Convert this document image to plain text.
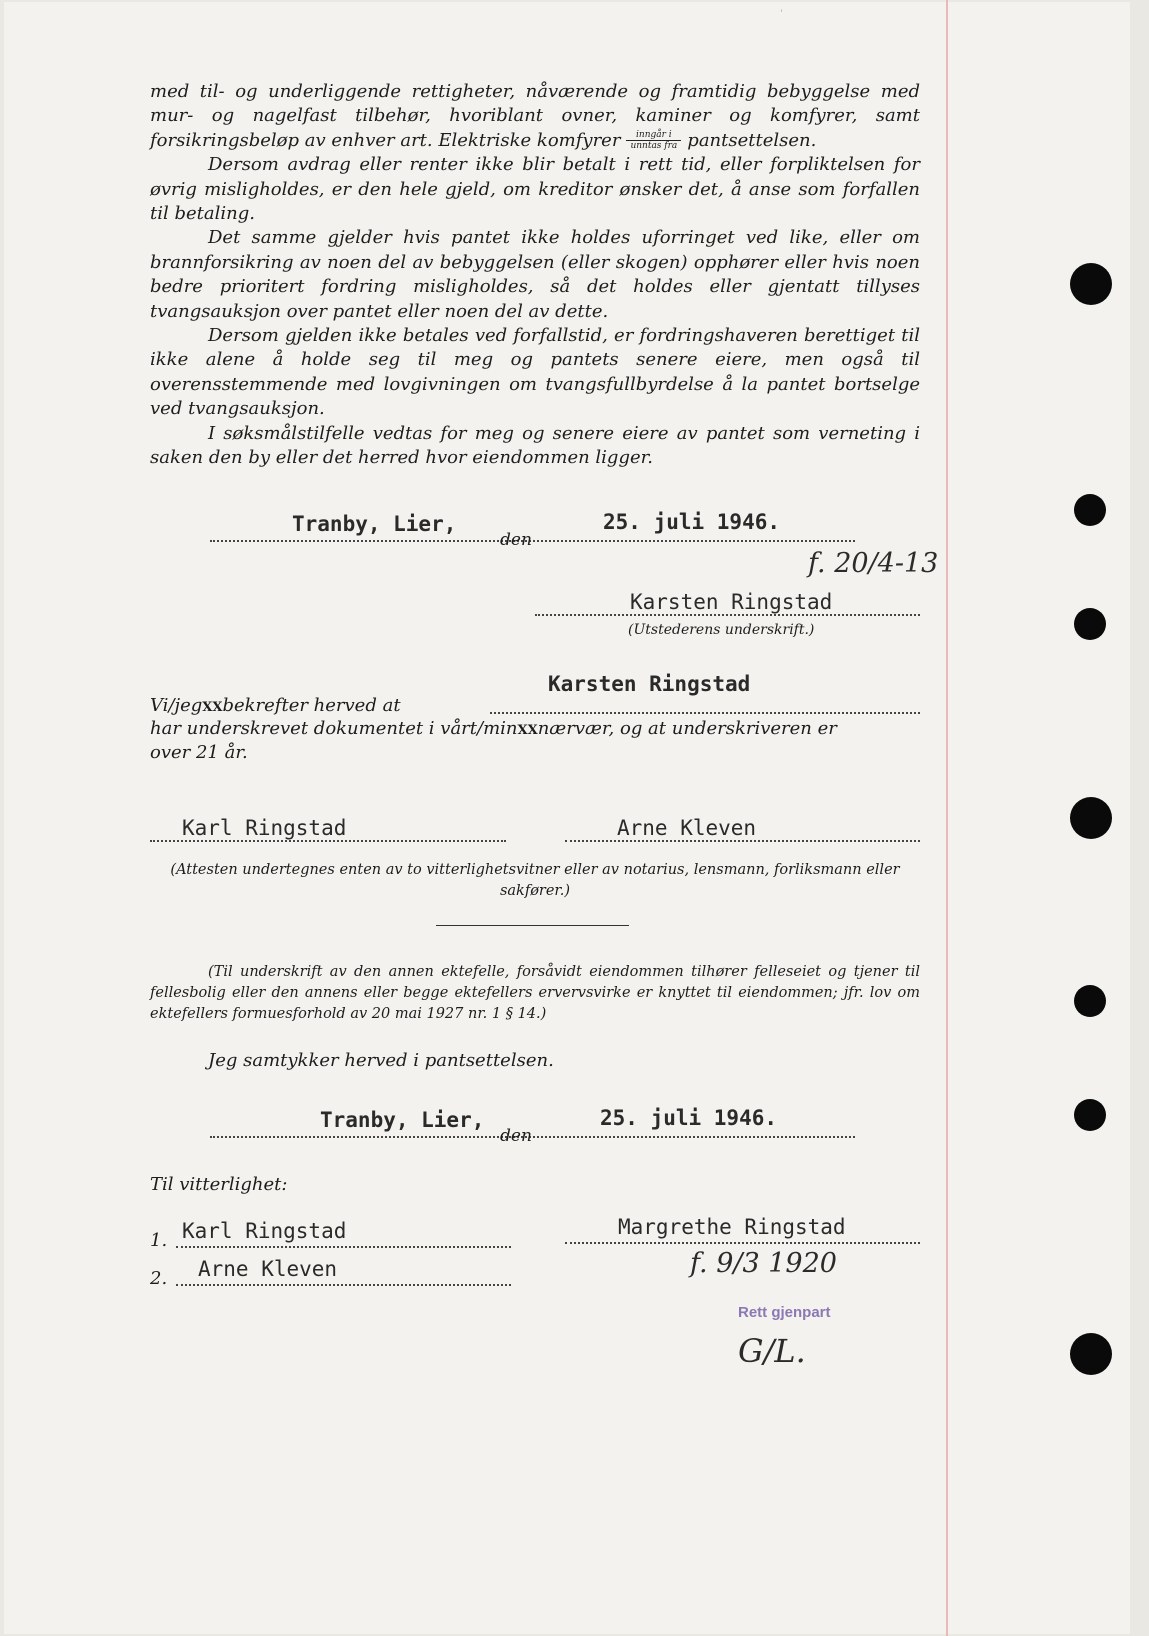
ˈ

med til- og underliggende rettigheter, nåværende og framtidig bebyggelse med mur- og nagelfast tilbehør, hvoriblant ovner, kaminer og komfyrer, samt forsikringsbeløp av enhver art. Elektriske komfyrer $\frac{\text{inngår i}}{\text{unntas fra}}$ pantsettelsen.

Dersom avdrag eller renter ikke blir betalt i rett tid, eller forpliktelsen for øvrig misligholdes, er den hele gjeld, om kreditor ønsker det, å anse som forfallen til betaling.

Det samme gjelder hvis pantet ikke holdes uforringet ved like, eller om brannforsikring av noen del av bebyggelsen (eller skogen) opphører eller hvis noen bedre prioritert fordring misligholdes, så det holdes eller gjentatt tillyses tvangsauksjon over pantet eller noen del av dette.

Dersom gjelden ikke betales ved forfallstid, er fordringshaveren berettiget til ikke alene å holde seg til meg og pantets senere eiere, men også til overensstemmende med lovgivningen om tvangsfullbyrdelse å la pantet bortselge ved tvangsauksjon.

I søksmålstilfelle vedtas for meg og senere eiere av pantet som verneting i saken den by eller det herred hvor eiendommen ligger.

Tranby, Lier,
den
25. juli 1946.
f. 20/4-13
Karsten Ringstad
(Utstederens underskrift.)
Vi/jegXXbekrefter herved at
Karsten Ringstad
har underskrevet dokumentet i vårt/minXXnærvær, og at underskriveren er
over 21 år.
Karl Ringstad	Arne Kleven
(Attesten undertegnes enten av to vitterlighetsvitner eller av notarius, lensmann, forliksmann eller sakfører.)
(Til underskrift av den annen ektefelle, forsåvidt eiendommen tilhører felleseiet og tjener til fellesbolig eller den annens eller begge ektefellers ervervsvirke er knyttet til eiendommen; jfr. lov om ektefellers formuesforhold av 20 mai 1927 nr. 1 § 14.)
Jeg samtykker herved i pantsettelsen.
Tranby, Lier,
den
25. juli 1946.
Til vitterlighet:
1. Karl Ringstad
2. Arne Kleven
Margrethe Ringstad
f. 9/3 1920
Rett gjenpart
G/L.
